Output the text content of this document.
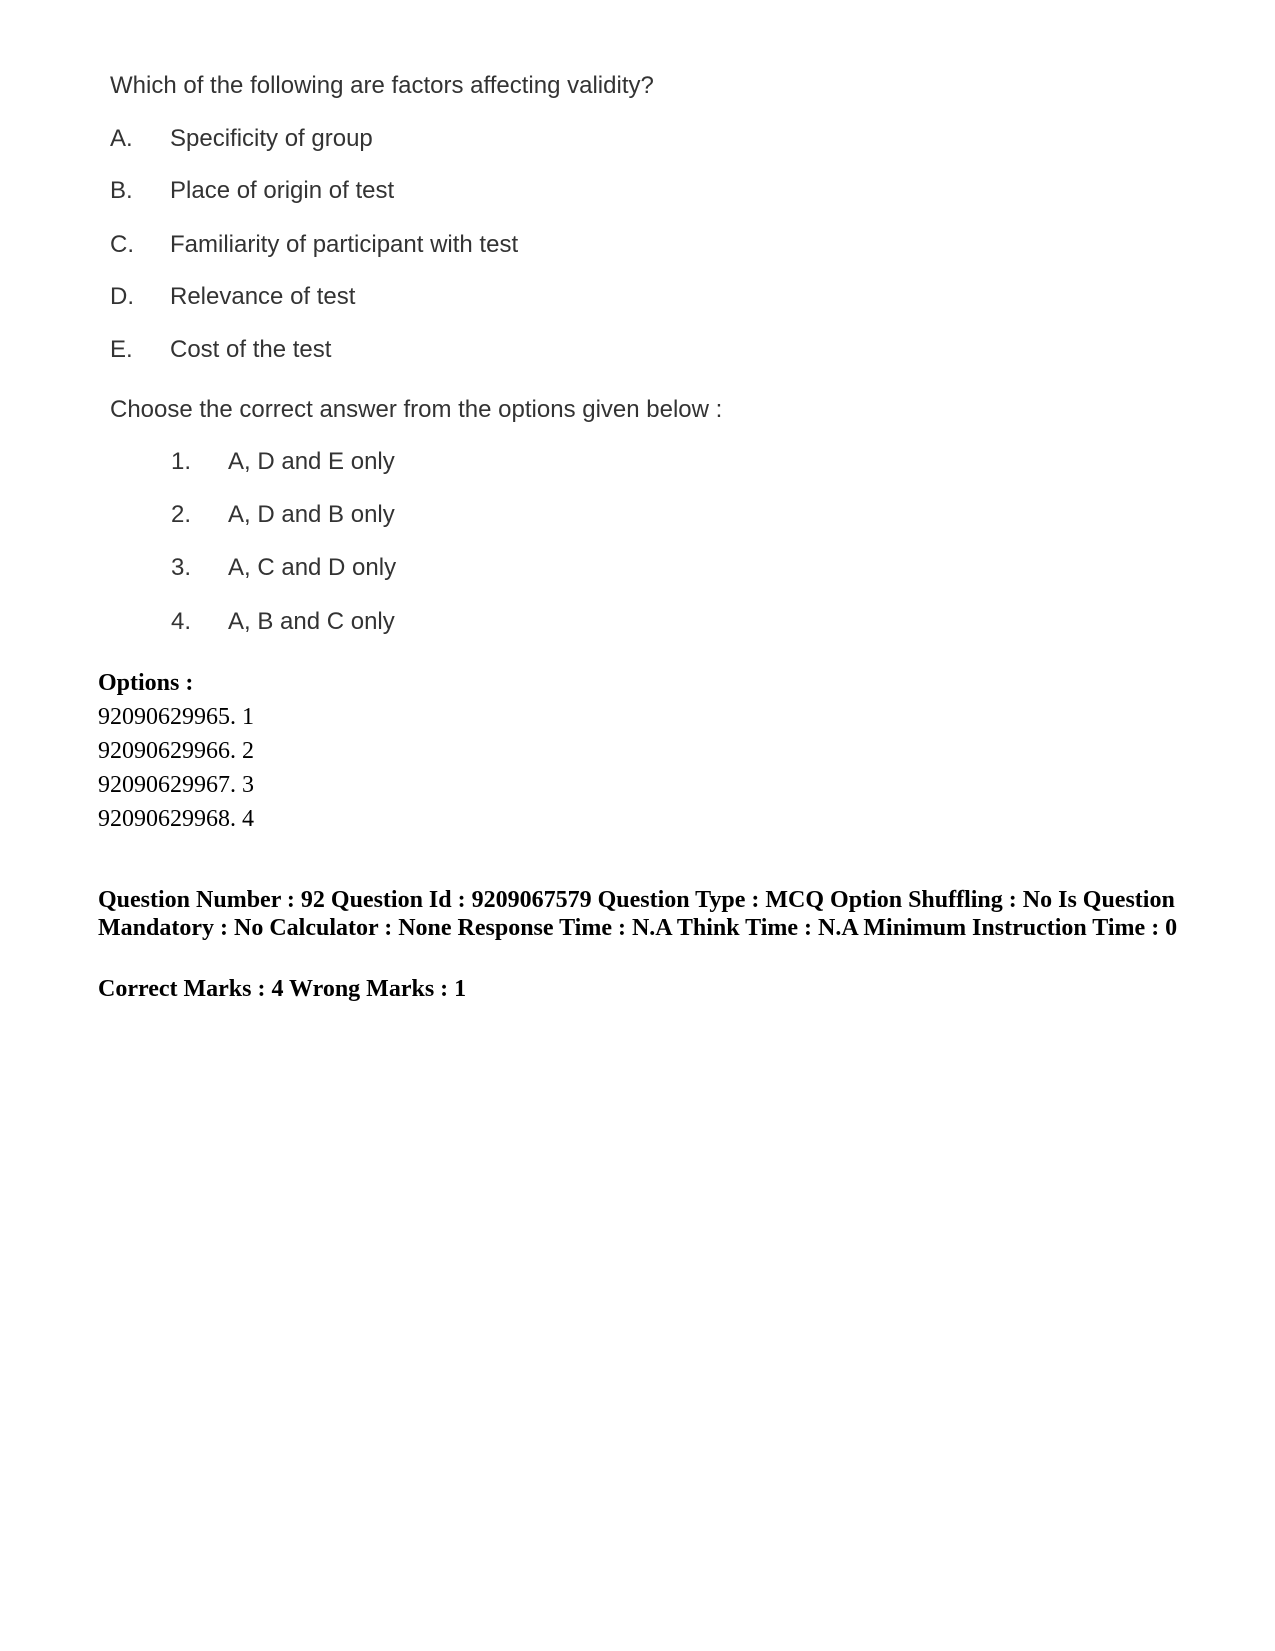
Which of the following are factors affecting validity?
A. Specificity of group
B. Place of origin of test
C. Familiarity of participant with test
D. Relevance of test
E. Cost of the test
Choose the correct answer from the options given below :
1. A, D and E only
2. A, D and B only
3. A, C and D only
4. A, B and C only
Options :
92090629965. 1
92090629966. 2
92090629967. 3
92090629968. 4
Question Number : 92 Question Id : 9209067579 Question Type : MCQ Option Shuffling : No Is Question Mandatory : No Calculator : None Response Time : N.A Think Time : N.A Minimum Instruction Time : 0
Correct Marks : 4 Wrong Marks : 1
